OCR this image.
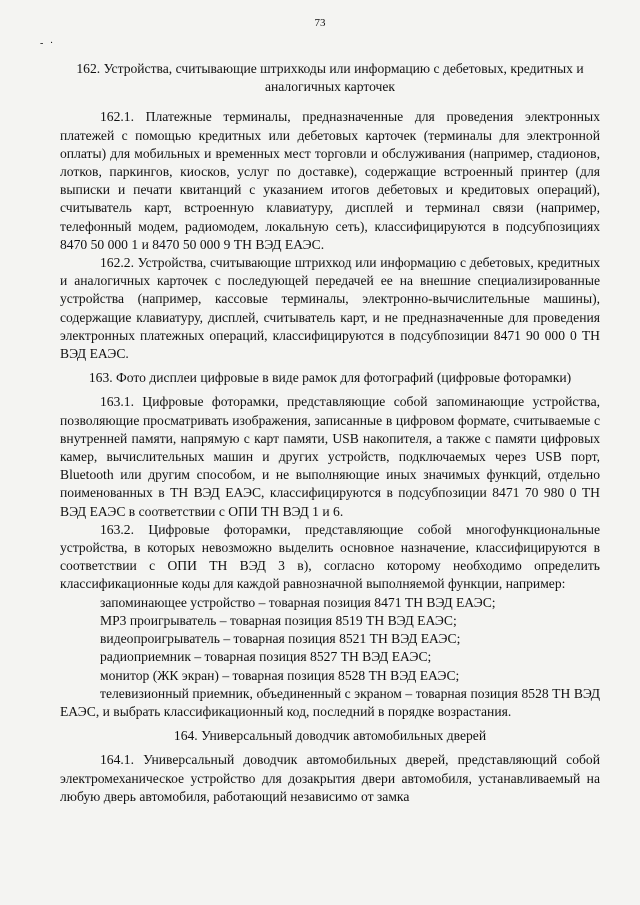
73
- ·

162. Устройства, считывающие штрихкоды или информацию с дебетовых, кредитных и аналогичных карточек

162.1. Платежные терминалы, предназначенные для проведения электронных платежей с помощью кредитных или дебетовых карточек (терминалы для электронной оплаты) для мобильных и временных мест торговли и обслуживания (например, стадионов, лотков, паркингов, киосков, услуг по доставке), содержащие встроенный принтер (для выписки и печати квитанций с указанием итогов дебетовых и кредитовых операций), считыватель карт, встроенную клавиатуру, дисплей и терминал связи (например, телефонный модем, радиомодем, локальную сеть), классифицируются в подсубпозициях 8470 50 000 1 и 8470 50 000 9 ТН ВЭД ЕАЭС.

162.2. Устройства, считывающие штрихкод или информацию с дебетовых, кредитных и аналогичных карточек с последующей передачей ее на внешние специализированные устройства (например, кассовые терминалы, электронно-вычислительные машины), содержащие клавиатуру, дисплей, считыватель карт, и не предназначенные для проведения электронных платежных операций, классифицируются в подсубпозиции 8471 90 000 0 ТН ВЭД ЕАЭС.

163. Фото дисплеи цифровые в виде рамок для фотографий (цифровые фоторамки)

163.1. Цифровые фоторамки, представляющие собой запоминающие устройства, позволяющие просматривать изображения, записанные в цифровом формате, считываемые с внутренней памяти, напрямую с карт памяти, USB накопителя, а также с памяти цифровых камер, вычислительных машин и других устройств, подключаемых через USB порт, Bluetooth или другим способом, и не выполняющие иных значимых функций, отдельно поименованных в ТН ВЭД ЕАЭС, классифицируются в подсубпозиции 8471 70 980 0 ТН ВЭД ЕАЭС в соответствии с ОПИ ТН ВЭД 1 и 6.

163.2. Цифровые фоторамки, представляющие собой многофункциональные устройства, в которых невозможно выделить основное назначение, классифицируются в соответствии с ОПИ ТН ВЭД 3 в), согласно которому необходимо определить классификационные коды для каждой равнозначной выполняемой функции, например:

запоминающее устройство – товарная позиция 8471 ТН ВЭД ЕАЭС;

MP3 проигрыватель – товарная позиция 8519 ТН ВЭД ЕАЭС;

видеопроигрыватель – товарная позиция 8521 ТН ВЭД ЕАЭС;

радиоприемник – товарная позиция 8527 ТН ВЭД ЕАЭС;

монитор (ЖК экран) – товарная позиция 8528 ТН ВЭД ЕАЭС;

телевизионный приемник, объединенный с экраном – товарная позиция 8528 ТН ВЭД ЕАЭС, и выбрать классификационный код, последний в порядке возрастания.

164. Универсальный доводчик автомобильных дверей

164.1. Универсальный доводчик автомобильных дверей, представляющий собой электромеханическое устройство для дозакрытия двери автомобиля, устанавливаемый на любую дверь автомобиля, работающий независимо от замка
